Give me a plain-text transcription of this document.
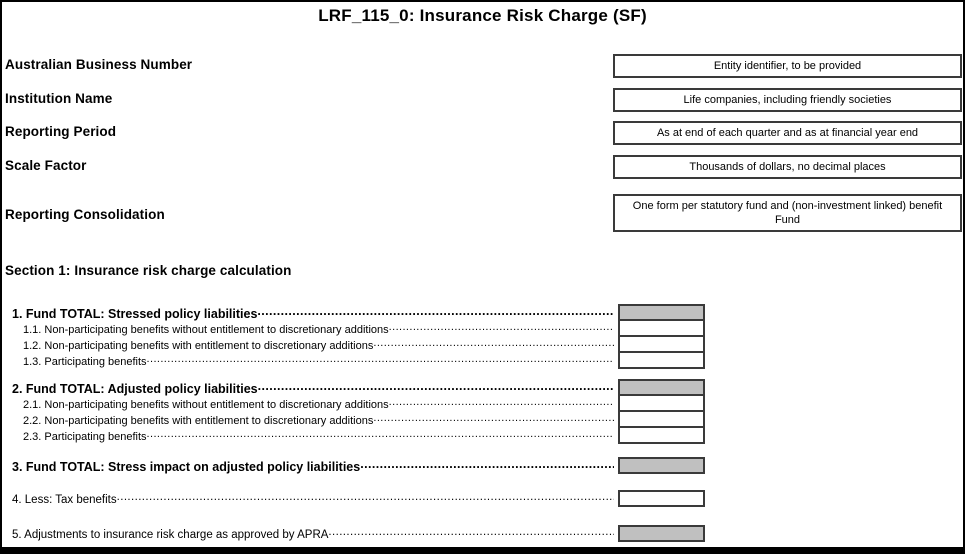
LRF_115_0: Insurance Risk Charge (SF)
Australian Business Number	Entity identifier, to be provided
Institution Name	Life companies, including friendly societies
Reporting Period	As at end of each quarter and as at financial year end
Scale Factor	Thousands of dollars, no decimal places
Reporting Consolidation
One form per statutory fund and (non-investment linked) benefit Fund
Section 1: Insurance risk charge calculation
1. Fund TOTAL: Stressed policy liabilities
.....
1.1. Non-participating benefits without entitlement to discretionary additions
.....
1.2. Non-participating benefits with entitlement to discretionary additions
.....
1.3. Participating benefits
.....
2. Fund TOTAL: Adjusted policy liabilities
.....
2.1. Non-participating benefits without entitlement to discretionary additions
.....
2.2. Non-participating benefits with entitlement to discretionary additions
.....
2.3. Participating benefits
.....
3. Fund TOTAL: Stress impact on adjusted policy liabilities
.....
4. Less: Tax benefits
.....
5. Adjustments to insurance risk charge as approved by APRA
.....
